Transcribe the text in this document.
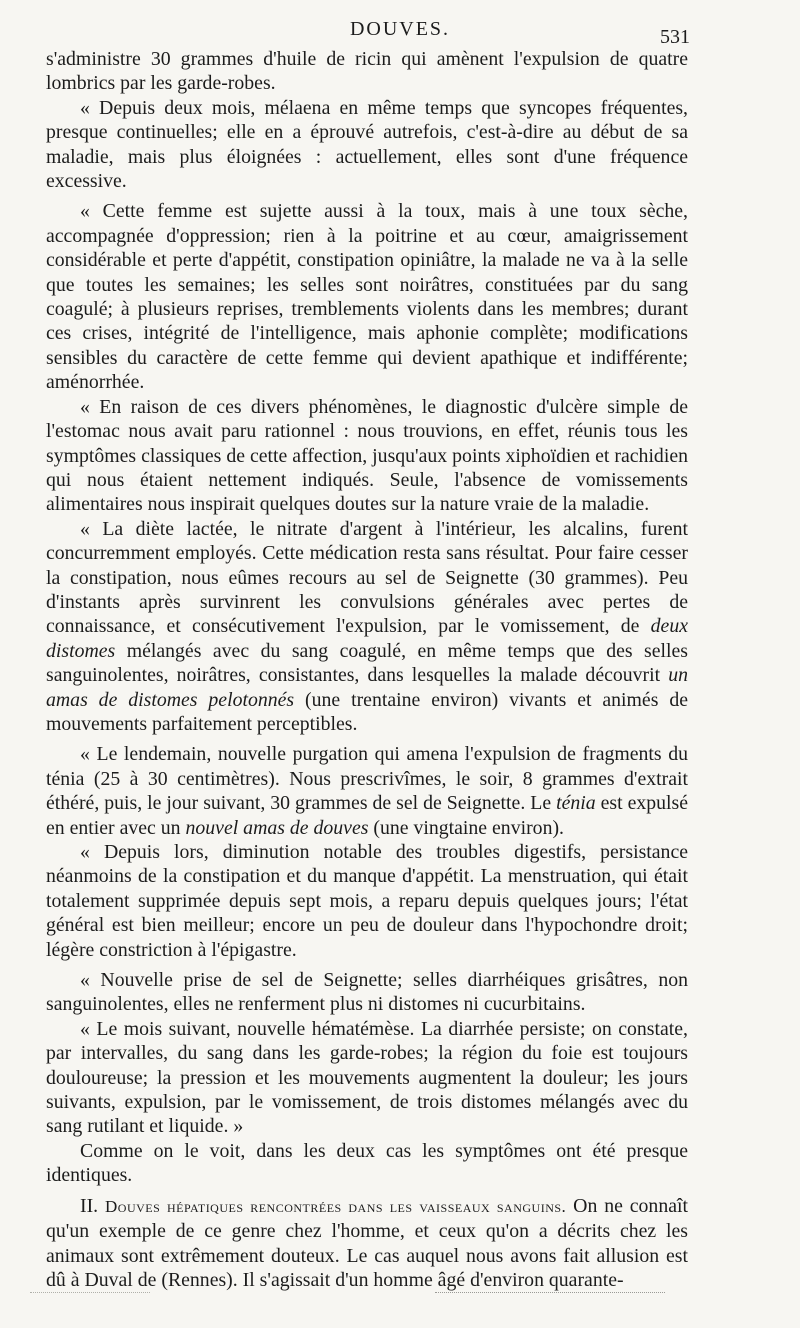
DOUVES.	531

s'administre 30 grammes d'huile de ricin qui amènent l'expulsion de quatre lombrics par les garde-robes.

« Depuis deux mois, mélaena en même temps que syncopes fréquentes, presque continuelles; elle en a éprouvé autrefois, c'est-à-dire au début de sa maladie, mais plus éloignées : actuellement, elles sont d'une fréquence excessive.

« Cette femme est sujette aussi à la toux, mais à une toux sèche, accompagnée d'oppression; rien à la poitrine et au cœur, amaigrissement considérable et perte d'appétit, constipation opiniâtre, la malade ne va à la selle que toutes les semaines; les selles sont noirâtres, constituées par du sang coagulé; à plusieurs reprises, tremblements violents dans les membres; durant ces crises, intégrité de l'intelligence, mais aphonie complète; modifications sensibles du caractère de cette femme qui devient apathique et indifférente; aménorrhée.

« En raison de ces divers phénomènes, le diagnostic d'ulcère simple de l'estomac nous avait paru rationnel : nous trouvions, en effet, réunis tous les symptômes classiques de cette affection, jusqu'aux points xiphoïdien et rachidien qui nous étaient nettement indiqués. Seule, l'absence de vomissements alimentaires nous inspirait quelques doutes sur la nature vraie de la maladie.

« La diète lactée, le nitrate d'argent à l'intérieur, les alcalins, furent concurremment employés. Cette médication resta sans résultat. Pour faire cesser la constipation, nous eûmes recours au sel de Seignette (30 grammes). Peu d'instants après survinrent les convulsions générales avec pertes de connaissance, et consécutivement l'expulsion, par le vomissement, de deux distomes mélangés avec du sang coagulé, en même temps que des selles sanguinolentes, noirâtres, consistantes, dans lesquelles la malade découvrit un amas de distomes pelotonnés (une trentaine environ) vivants et animés de mouvements parfaitement perceptibles.

« Le lendemain, nouvelle purgation qui amena l'expulsion de fragments du ténia (25 à 30 centimètres). Nous prescrivîmes, le soir, 8 grammes d'extrait éthéré, puis, le jour suivant, 30 grammes de sel de Seignette. Le ténia est expulsé en entier avec un nouvel amas de douves (une vingtaine environ).

« Depuis lors, diminution notable des troubles digestifs, persistance néanmoins de la constipation et du manque d'appétit. La menstruation, qui était totalement supprimée depuis sept mois, a reparu depuis quelques jours; l'état général est bien meilleur; encore un peu de douleur dans l'hypochondre droit; légère constriction à l'épigastre.

« Nouvelle prise de sel de Seignette; selles diarrhéiques grisâtres, non sanguinolentes, elles ne renferment plus ni distomes ni cucurbitains.

« Le mois suivant, nouvelle hématémèse. La diarrhée persiste; on constate, par intervalles, du sang dans les garde-robes; la région du foie est toujours douloureuse; la pression et les mouvements augmentent la douleur; les jours suivants, expulsion, par le vomissement, de trois distomes mélangés avec du sang rutilant et liquide. »

Comme on le voit, dans les deux cas les symptômes ont été presque identiques.

II. Douves hépatiques rencontrées dans les vaisseaux sanguins. On ne connaît qu'un exemple de ce genre chez l'homme, et ceux qu'on a décrits chez les animaux sont extrêmement douteux. Le cas auquel nous avons fait allusion est dû à Duval de (Rennes). Il s'agissait d'un homme âgé d'environ quarante-
